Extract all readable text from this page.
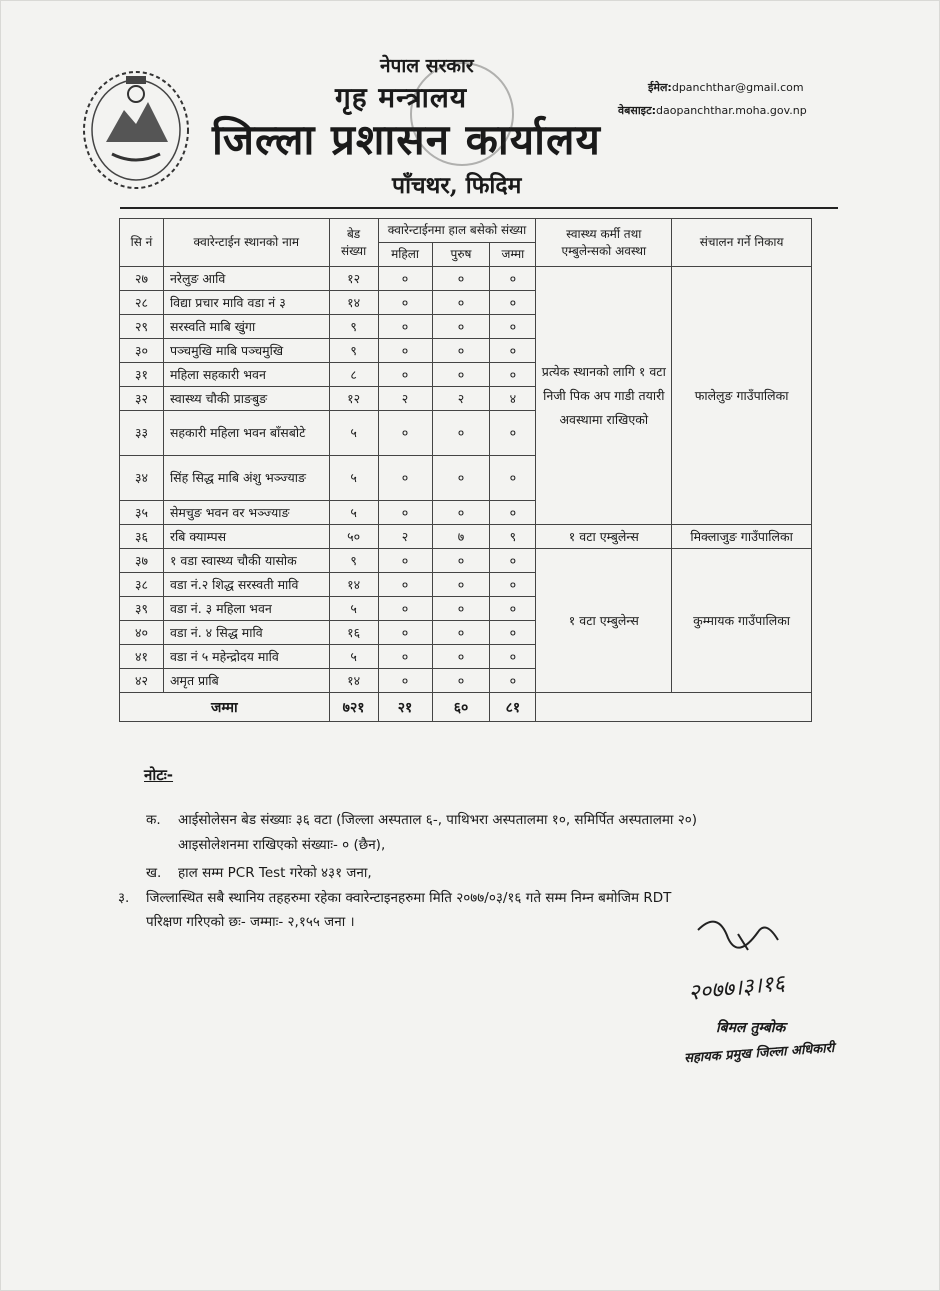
नेपाल सरकार
गृह मन्त्रालय
जिल्ला प्रशासन कार्यालय
पाँचथर, फिदिम
ईमेल:dpanchthar@gmail.com
वेबसाइट:daopanchthar.moha.gov.np
सि नं	क्वारेन्टाईन स्थानको नाम	बेड संख्या	क्वारेन्टाईनमा हाल बसेको संख्या			स्वास्थ्य कर्मी तथा एम्बुलेन्सको अवस्था	संचालन गर्ने निकाय
			महिला	पुरुष	जम्मा		
२७	नरेलुङ आवि	१२	०	०	०	प्रत्येक स्थानको लागि १ वटा निजी पिक अप गाडी तयारी अवस्थामा राखिएको	फालेलुङ गाउँपालिका
२८	विद्या प्रचार मावि वडा नं ३	१४	०	०	०		
२९	सरस्वति माबि खुंगा	९	०	०	०		
३०	पञ्चमुखि माबि पञ्चमुखि	९	०	०	०		
३१	महिला सहकारी भवन	८	०	०	०		
३२	स्वास्थ्य चौकी प्राङबुङ	१२	२	२	४		
३३	सहकारी महिला भवन बाँसबोटे	५	०	०	०		
३४	सिंह सिद्ध माबि अंशु भञ्ज्याङ	५	०	०	०		
३५	सेमचुङ भवन वर भञ्ज्याङ	५	०	०	०		
३६	रबि क्याम्पस	५०	२	७	९	१ वटा एम्बुलेन्स	मिक्लाजुङ गाउँपालिका
३७	१ वडा स्वास्थ्य चौकी यासोक	९	०	०	०	१ वटा एम्बुलेन्स	कुम्मायक गाउँपालिका
३८	वडा नं.२ शिद्ध सरस्वती मावि	१४	०	०	०		
३९	वडा नं. ३ महिला भवन	५	०	०	०		
४०	वडा नं. ४ सिद्ध मावि	१६	०	०	०		
४१	वडा नं ५ महेन्द्रोदय मावि	५	०	०	०		
४२	अमृत प्राबि	१४	०	०	०		
जम्मा		७२१	२१	६०	८१		
नोटः-
क. आईसोलेसन बेड संख्याः ३६ वटा (जिल्ला अस्पताल ६-, पाथिभरा अस्पतालमा १०, समिर्पित अस्पतालमा २०)
आइसोलेशनमा राखिएको संख्याः- ० (छैन),
ख. हाल सम्म PCR Test गरेको ४३१ जना,
३. जिल्लास्थित सबै स्थानिय तहहरुमा रहेका क्वारेन्टाइनहरुमा मिति २०७७/०३/१६ गते सम्म निम्न बमोजिम RDT
परिक्षण गरिएको छः- जम्माः- २,१५५ जना ।
२०७७।३।१६
बिमल तुम्बोक
सहायक प्रमुख जिल्ला अधिकारी
